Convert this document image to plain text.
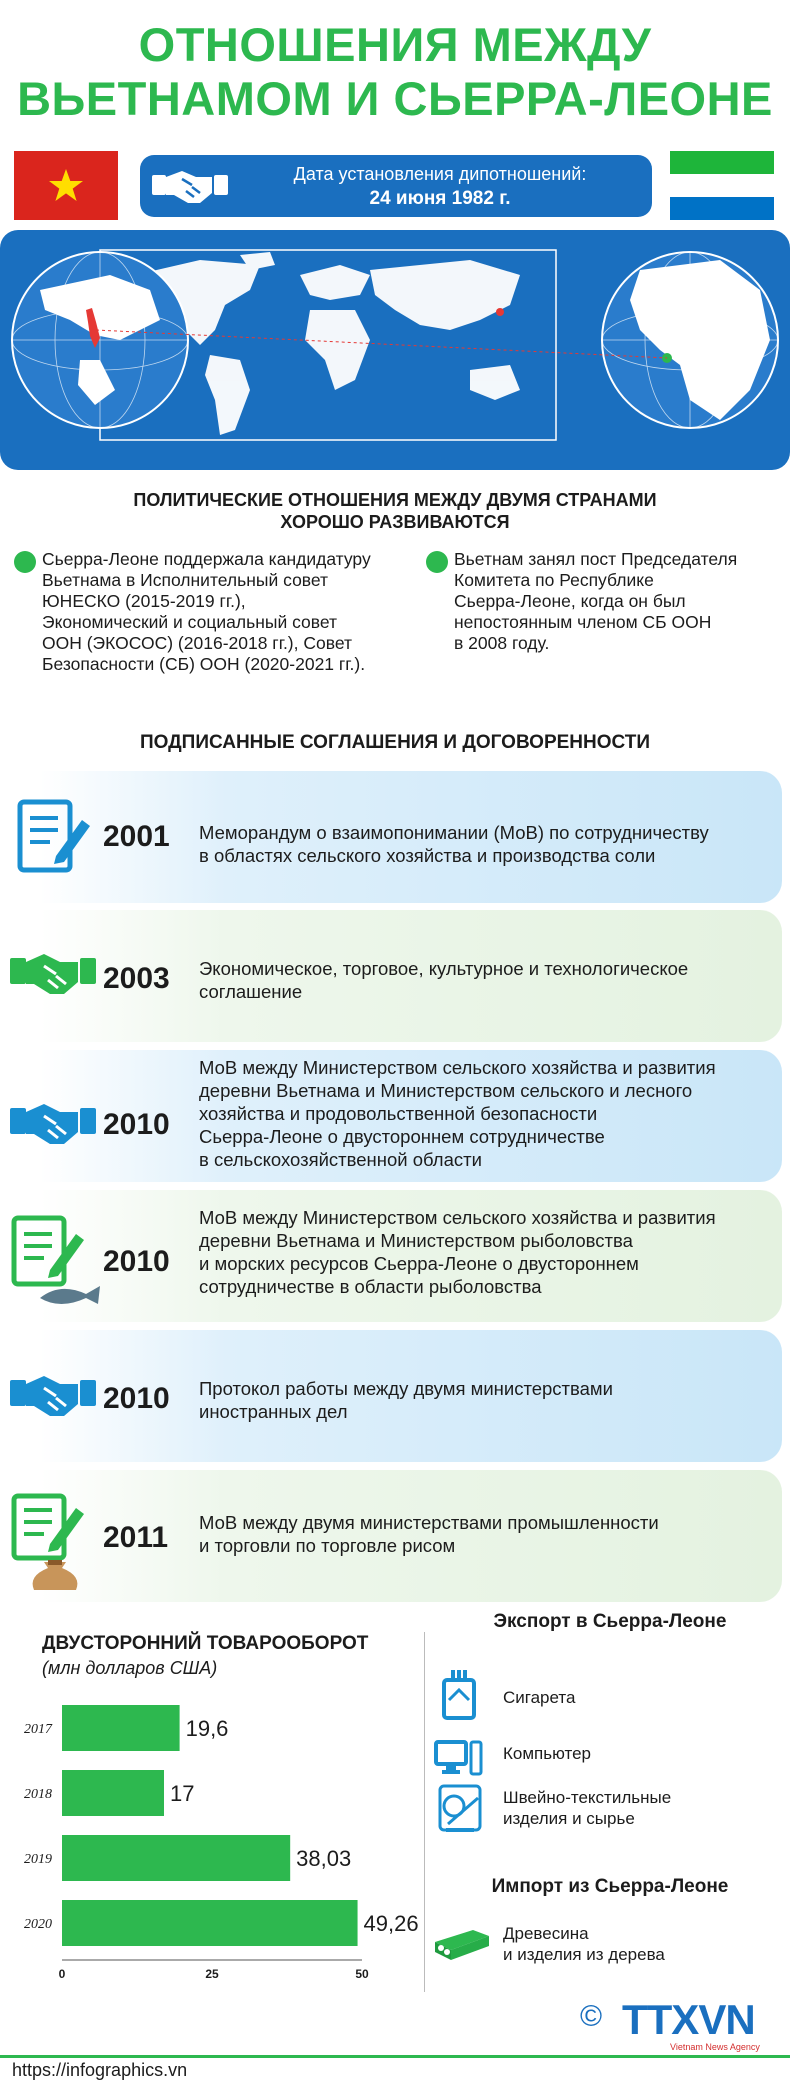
ОТНОШЕНИЯ МЕЖДУ
ВЬЕТНАМОМ И СЬЕРРА-ЛЕОНЕ
Дата установления дипотношений:
24 июня 1982 г.
ПОЛИТИЧЕСКИЕ ОТНОШЕНИЯ МЕЖДУ ДВУМЯ СТРАНАМИ
ХОРОШО РАЗВИВАЮТСЯ

Сьерра-Леоне поддержала кандидатуру
Вьетнама в Исполнительный совет
ЮНЕСКО (2015-2019 гг.),
Экономический и социальный совет
ООН (ЭКОСОС) (2016-2018 гг.), Совет
Безопасности (СБ) ООН (2020-2021 гг.).

Вьетнам занял пост Председателя
Комитета по Республике
Сьерра-Леоне, когда он был
непостоянным членом СБ ООН
в 2008 году.

ПОДПИСАННЫЕ СОГЛАШЕНИЯ И ДОГОВОРЕННОСТИ
2001 Меморандум о взаимопонимании (МоВ) по сотрудничеству
в областях сельского хозяйства и производства соли
2003 Экономическое, торговое, культурное и технологическое
соглашение
2010
МоВ между Министерством сельского хозяйства и развития
деревни Вьетнама и Министерством сельского и лесного
хозяйства и продовольственной безопасности
Сьерра-Леоне о двустороннем сотрудничестве
в сельскохозяйственной области
2010
МоВ между Министерством сельского хозяйства и развития
деревни Вьетнама и Министерством рыболовства
и морских ресурсов Сьерра-Леоне о двустороннем
сотрудничестве в области рыболовства
2010 Протокол работы между двумя министерствами
иностранных дел
2011 МоВ между двумя министерствами промышленности
и торговли по торговле рисом
ДВУСТОРОННИЙ ТОВАРООБОРОТ
(млн долларов США)
2017	19,6
2018	17
2019	38,03
2020	49,26
0	25	50
Экспорт в Сьерра-Леоне
Сигарета
Компьютер
Швейно-текстильные
изделия и сырье
Импорт из Сьерра-Леоне
Древесина
и изделия из дерева
© TTXVN
Vietnam News Agency
https://infographics.vn
